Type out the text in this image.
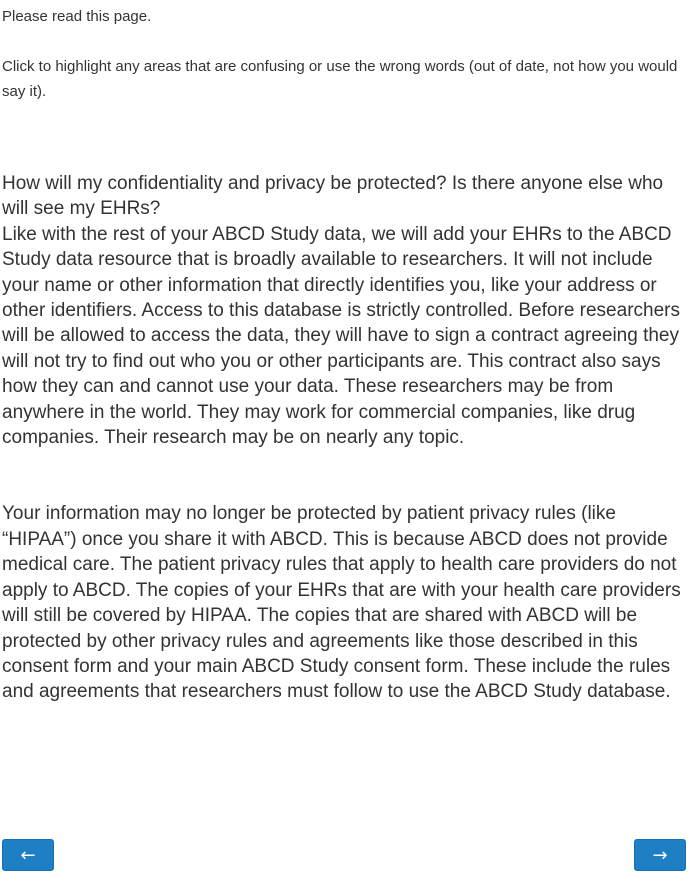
Please read this page.

Click to highlight any areas that are confusing or use the wrong words (out of date, not how you would say it).

How will my confidentiality and privacy be protected? Is there anyone else who will see my EHRs?

Like with the rest of your ABCD Study data, we will add your EHRs to the ABCD Study data resource that is broadly available to researchers. It will not include your name or other information that directly identifies you, like your address or other identifiers. Access to this database is strictly controlled. Before researchers will be allowed to access the data, they will have to sign a contract agreeing they will not try to find out who you or other participants are. This contract also says how they can and cannot use your data. These researchers may be from anywhere in the world. They may work for commercial companies, like drug companies. Their research may be on nearly any topic.

Your information may no longer be protected by patient privacy rules (like “HIPAA”) once you share it with ABCD. This is because ABCD does not provide medical care. The patient privacy rules that apply to health care providers do not apply to ABCD. The copies of your EHRs that are with your health care providers will still be covered by HIPAA. The copies that are shared with ABCD will be protected by other privacy rules and agreements like those described in this consent form and your main ABCD Study consent form. These include the rules and agreements that researchers must follow to use the ABCD Study database.

←	→
